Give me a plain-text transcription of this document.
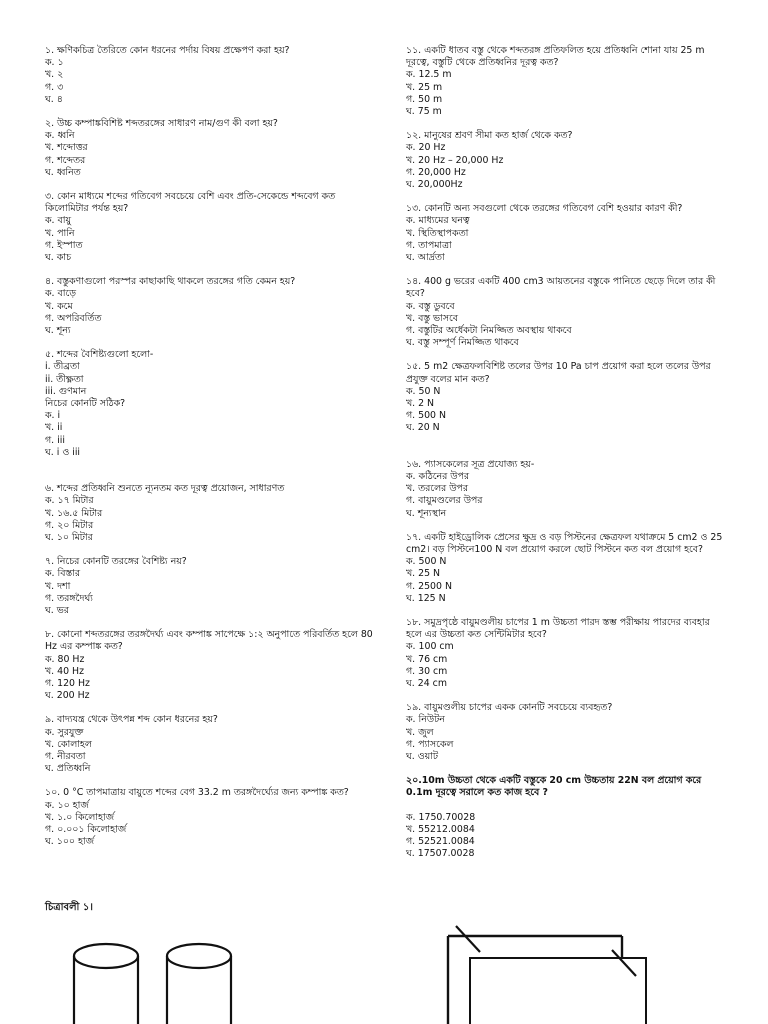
১. ক্ষণিকচিত্র তৈরিতে কোন ধরনের পর্দায় বিষয় প্রক্ষেপণ করা হয়?

ক. ১
খ. ২
গ. ৩
ঘ. ৪

২. উচ্চ কম্পাঙ্কবিশিষ্ট শব্দতরঙ্গের সাধারণ নাম/গুণ কী বলা হয়?

ক. ধ্বনি
খ. শব্দোত্তর
গ. শব্দেতর
ঘ. ধ্বনিত

৩. কোন মাধ্যমে শব্দের গতিবেগ সবচেয়ে বেশি এবং প্রতি-সেকেন্ডে শব্দবেগ কত কিলোমিটার পর্যন্ত হয়?

ক. বায়ু
খ. পানি
গ. ইস্পাত
ঘ. কাচ

৪. বস্তুকণাগুলো পরস্পর কাছাকাছি থাকলে তরঙ্গের গতি কেমন হয়?

ক. বাড়ে
খ. কমে
গ. অপরিবর্তিত
ঘ. শূন্য

৫. শব্দের বৈশিষ্ট্যগুলো হলো-

i. তীব্রতা
ii. তীক্ষ্ণতা
iii. গুণমান

নিচের কোনটি সঠিক?

ক. i
খ. ii
গ. iii
ঘ. i ও iii

৬. শব্দের প্রতিধ্বনি শুনতে ন্যূনতম কত দূরত্ব প্রয়োজন, সাধারণত

ক. ১৭ মিটার
খ. ১৬.৫ মিটার
গ. ২০ মিটার
ঘ. ১০ মিটার

৭. নিচের কোনটি তরঙ্গের বৈশিষ্ট্য নয়?

ক. বিস্তার
খ. দশা
গ. তরঙ্গদৈর্ঘ্য
ঘ. ভর

৮. কোনো শব্দতরঙ্গের তরঙ্গদৈর্ঘ্য এবং কম্পাঙ্ক সাপেক্ষে ১:২ অনুপাতে পরিবর্তিত হলে 80 Hz এর কম্পাঙ্ক কত?

ক. 80 Hz
খ. 40 Hz
গ. 120 Hz
ঘ. 200 Hz

৯. বাদ্যযন্ত্র থেকে উৎপন্ন শব্দ কোন ধরনের হয়?

ক. সুরযুক্ত
খ. কোলাহল
গ. নীরবতা
ঘ. প্রতিধ্বনি

১০. 0 °C তাপমাত্রায় বায়ুতে শব্দের বেগ 33.2 m তরঙ্গদৈর্ঘ্যের জন্য কম্পাঙ্ক কত?

ক. ১০ হার্জ
খ. ১.০ কিলোহার্জ
গ. ০.০০১ কিলোহার্জ
ঘ. ১০০ হার্জ

১১. একটি ধাতব বস্তু থেকে শব্দতরঙ্গ প্রতিফলিত হয়ে প্রতিধ্বনি শোনা যায় 25 m দূরত্বে, বস্তুটি থেকে প্রতিধ্বনির দূরত্ব কত?

ক. 12.5 m
খ. 25 m
গ. 50 m
ঘ. 75 m

১২. মানুষের শ্রবণ সীমা কত হার্জ থেকে কত?

ক. 20 Hz
খ. 20 Hz – 20,000 Hz
গ. 20,000 Hz
ঘ. 20,000Hz

১৩. কোনটি অন্য সবগুলো থেকে তরঙ্গের গতিবেগ বেশি হওয়ার কারণ কী?

ক. মাধ্যমের ঘনত্ব
খ. স্থিতিস্থাপকতা
গ. তাপমাত্রা
ঘ. আর্দ্রতা

১৪. 400 g ভরের একটি 400 cm3 আয়তনের বস্তুকে পানিতে ছেড়ে দিলে তার কী হবে?

ক. বস্তু ডুববে
খ. বস্তু ভাসবে
গ. বস্তুটির অর্ধেকটা নিমজ্জিত অবস্থায় থাকবে
ঘ. বস্তু সম্পূর্ণ নিমজ্জিত থাকবে

১৫. 5 m2 ক্ষেত্রফলবিশিষ্ট তলের উপর 10 Pa চাপ প্রয়োগ করা হলে তলের উপর প্রযুক্ত বলের মান কত?

ক. 50 N
খ. 2 N
গ. 500 N
ঘ. 20 N

১৬. প্যাসকেলের সূত্র প্রযোজ্য হয়-

ক. কঠিনের উপর
খ. তরলের উপর
গ. বায়ুমণ্ডলের উপর
ঘ. শূন্যস্থান

১৭. একটি হাইড্রোলিক প্রেসের ক্ষুদ্র ও বড় পিস্টনের ক্ষেত্রফল যথাক্রমে 5 cm2 ও 25 cm2। বড় পিস্টনে100 N বল প্রয়োগ করলে ছোট পিস্টনে কত বল প্রয়োগ হবে?

ক. 500 N
খ. 25 N
গ. 2500 N
ঘ. 125 N

১৮. সমুদ্রপৃষ্ঠে বায়ুমণ্ডলীয় চাপের 1 m উচ্চতা পারদ স্তম্ভ পরীক্ষায় পারদের ব্যবহার হলে এর উচ্চতা কত সেন্টিমিটার হবে?

ক. 100 cm
খ. 76 cm
গ. 30 cm
ঘ. 24 cm

১৯. বায়ুমণ্ডলীয় চাপের একক কোনটি সবচেয়ে ব্যবহৃত?

ক. নিউটন
খ. জুল
গ. প্যাসকেল
ঘ. ওয়াট

২০.10m উচ্চতা থেকে একটি বস্তুকে 20 cm উচ্চতায় 22N বল প্রয়োগ করে 0.1m দূরত্বে সরালে কত কাজ হবে ?

ক. 1750.70028
খ. 55212.0084
গ. 52521.0084
ঘ. 17507.0028
চিত্রাবলী ১।
